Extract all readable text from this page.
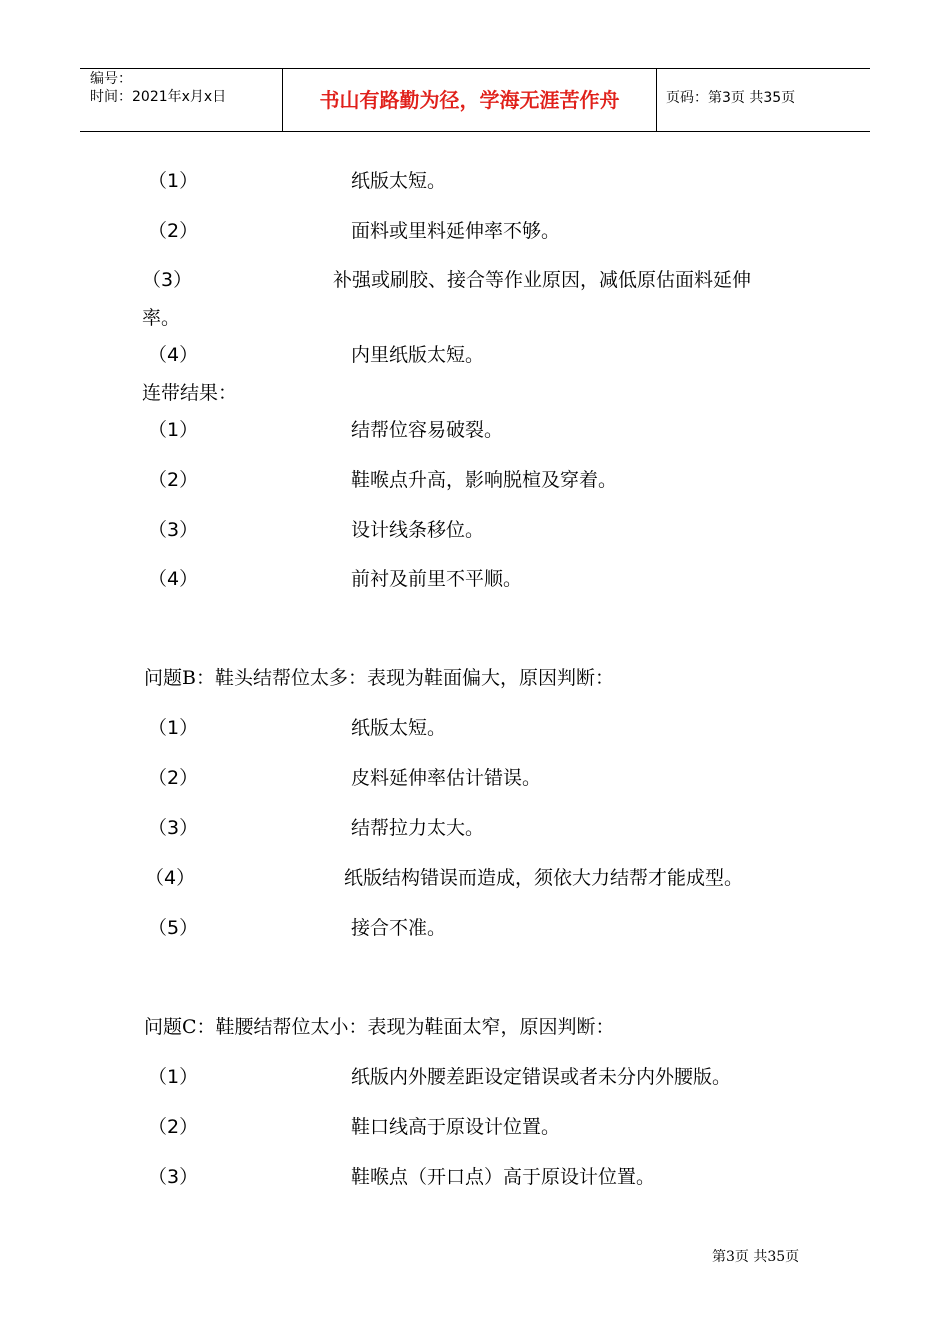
编号：
时间：2021年x月x日	书山有路勤为径，学海无涯苦作舟	页码：第3页 共35页
（1）	纸版太短。
（2）	面料或里料延伸率不够。
（3）	补强或刷胶、接合等作业原因，减低原估面料延伸
率。
（4）	内里纸版太短。
连带结果：
（1）	结帮位容易破裂。
（2）	鞋喉点升高，影响脱楦及穿着。
（3）	设计线条移位。
（4）	前衬及前里不平顺。
问题B：鞋头结帮位太多：表现为鞋面偏大，原因判断：
（1）	纸版太短。
（2）	皮料延伸率估计错误。
（3）	结帮拉力太大。
（4）	纸版结构错误而造成，须依大力结帮才能成型。
（5）	接合不准。
问题C：鞋腰结帮位太小：表现为鞋面太窄，原因判断：
（1）	纸版内外腰差距设定错误或者未分内外腰版。
（2）	鞋口线高于原设计位置。
（3）	鞋喉点（开口点）高于原设计位置。
第3页 共35页
